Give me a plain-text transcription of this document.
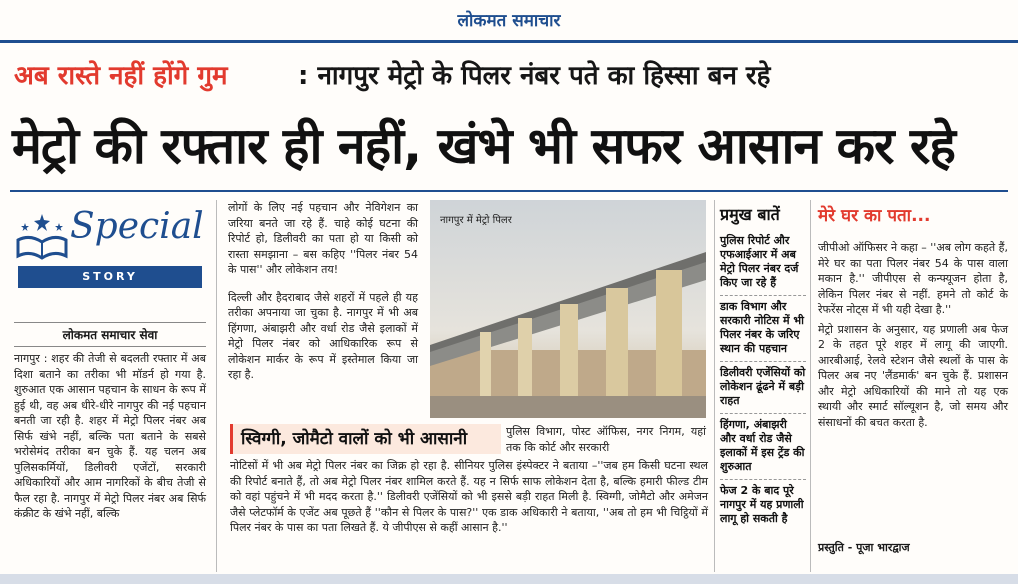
लोकमत समाचार
अब रास्ते नहीं होंगे गुम	: नागपुर मेट्रो के पिलर नंबर पते का हिस्सा बन रहे
मेट्रो की रफ्तार ही नहीं, खंभे भी सफर आसान कर रहे
Special
STORY
लोकमत समाचार सेवा
नागपुर : शहर की तेजी से बदलती रफ्तार में अब दिशा बताने का तरीका भी मॉडर्न हो गया है. शुरुआत एक आसान पहचान के साधन के रूप में हुई थी, वह अब धीरे-धीरे नागपुर की नई पहचान बनती जा रही है. शहर में मेट्रो पिलर नंबर अब सिर्फ खंभे नहीं, बल्कि पता बताने के सबसे भरोसेमंद तरीका बन चुके हैं. यह चलन अब पुलिसकर्मियों, डिलीवरी एजेंटों, सरकारी अधिकारियों और आम नागरिकों के बीच तेजी से फैल रहा है. नागपुर में मेट्रो पिलर नंबर अब सिर्फ कंक्रीट के खंभे नहीं, बल्कि
लोगों के लिए नई पहचान और नेविगेशन का जरिया बनते जा रहे हैं. चाहे कोई घटना की रिपोर्ट हो, डिलीवरी का पता हो या किसी को रास्ता समझाना – बस कहिए ''पिलर नंबर 54 के पास'' और लोकेशन तय!
दिल्ली और हैदराबाद जैसे शहरों में पहले ही यह तरीका अपनाया जा चुका है. नागपुर में भी अब हिंगणा, अंबाझरी और वर्धा रोड जैसे इलाकों में मेट्रो पिलर नंबर को आधिकारिक रूप से लोकेशन मार्कर के रूप में इस्तेमाल किया जा रहा है.
नागपुर में मेट्रो पिलर
स्विग्गी, जोमैटो वालों को भी आसानी	पुलिस विभाग, पोस्ट ऑफिस, नगर निगम, यहां तक कि कोर्ट और सरकारी
नोटिसों में भी अब मेट्रो पिलर नंबर का जिक्र हो रहा है. सीनियर पुलिस इंस्पेक्टर ने बताया –''जब हम किसी घटना स्थल की रिपोर्ट बनाते हैं, तो अब मेट्रो पिलर नंबर शामिल करते हैं. यह न सिर्फ साफ लोकेशन देता है, बल्कि हमारी फील्ड टीम को वहां पहुंचने में भी मदद करता है.'' डिलीवरी एजेंसियों को भी इससे बड़ी राहत मिली है. स्विग्गी, जोमैटो और अमेजन जैसे प्लेटफॉर्म के एजेंट अब पूछते हैं ''कौन से पिलर के पास?'' एक डाक अधिकारी ने बताया, ''अब तो हम भी चिट्ठियों में पिलर नंबर के पास का पता लिखते हैं. ये जीपीएस से कहीं आसान है.''
प्रमुख बातें
पुलिस रिपोर्ट और एफआईआर में अब मेट्रो पिलर नंबर दर्ज किए जा रहे हैं
डाक विभाग और सरकारी नोटिस में भी पिलर नंबर के जरिए स्थान की पहचान
डिलीवरी एजेंसियों को लोकेशन ढूंढने में बड़ी राहत
हिंगणा, अंबाझरी और वर्धा रोड जैसे इलाकों में इस ट्रेंड की शुरुआत
फेज 2 के बाद पूरे नागपुर में यह प्रणाली लागू हो सकती है
मेरे घर का पता...
जीपीओ ऑफिसर ने कहा – ''अब लोग कहते हैं, मेरे घर का पता पिलर नंबर 54 के पास वाला मकान है.'' जीपीएस से कन्फ्यूजन होता है, लेकिन पिलर नंबर से नहीं. हमने तो कोर्ट के रेफरेंस नोट्स में भी यही देखा है.''
मेट्रो प्रशासन के अनुसार, यह प्रणाली अब फेज 2 के तहत पूरे शहर में लागू की जाएगी. आरबीआई, रेलवे स्टेशन जैसे स्थलों के पास के पिलर अब नए 'लैंडमार्क' बन चुके हैं. प्रशासन और मेट्रो अधिकारियों की माने तो यह एक स्थायी और स्मार्ट सॉल्यूशन है, जो समय और संसाधनों की बचत करता है.
प्रस्तुति - पूजा भारद्वाज
